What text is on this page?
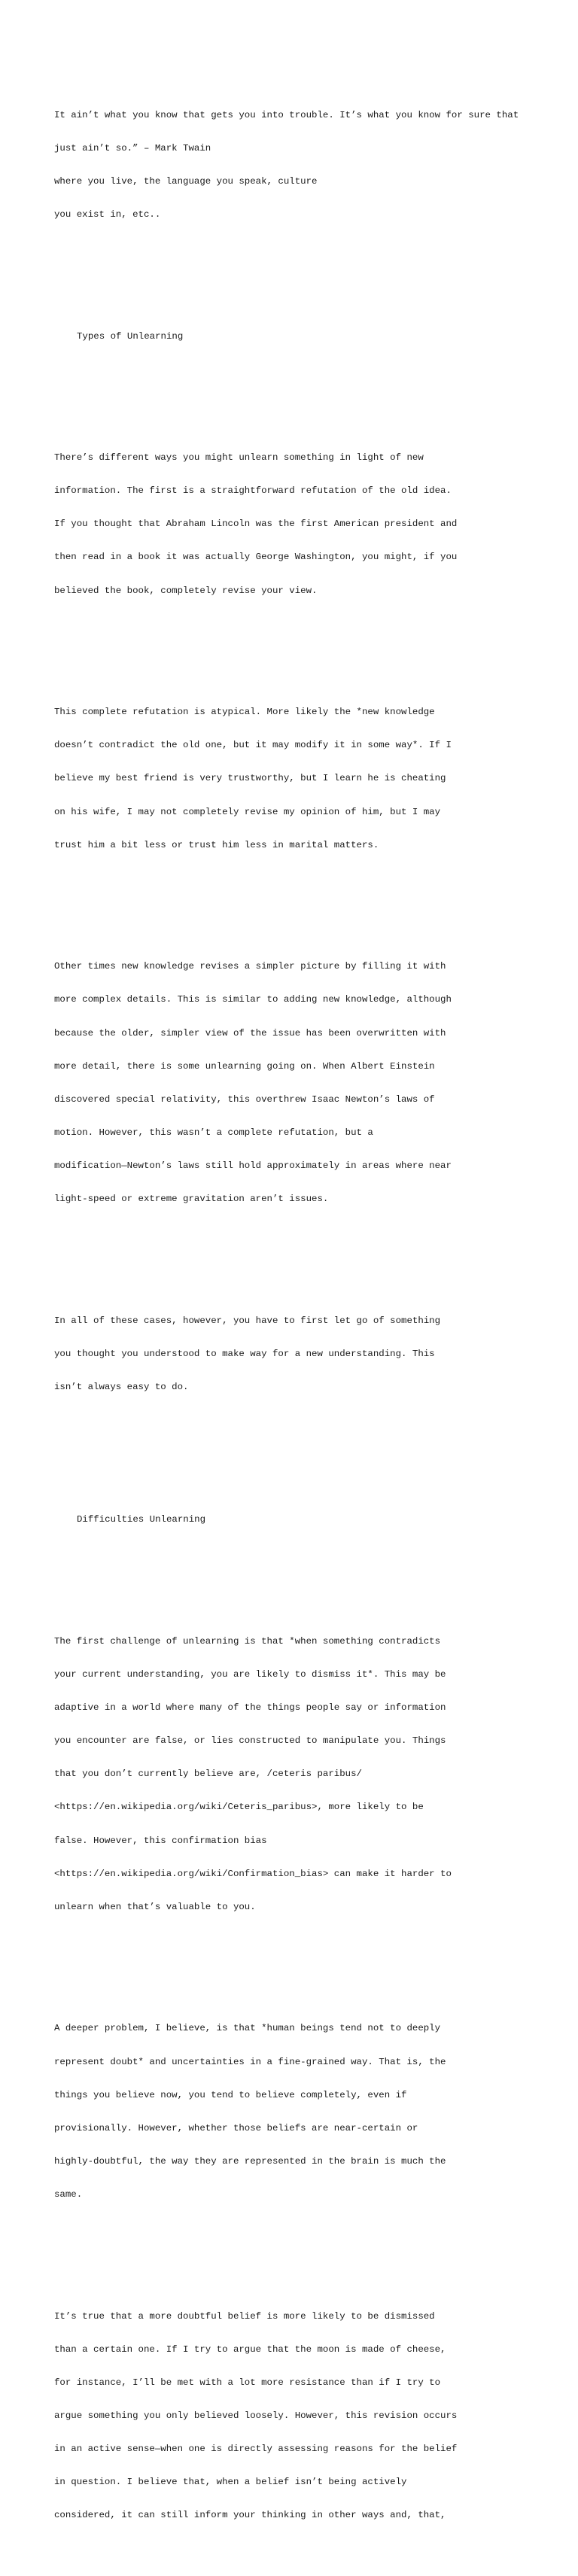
It ain’t what you know that gets you into trouble. It’s what you know for sure that

just ain’t so.” – Mark Twain

where you live, the language you speak, culture

you exist in, etc..

Types of Unlearning

There’s different ways you might unlearn something in light of new

information. The first is a straightforward refutation of the old idea.

If you thought that Abraham Lincoln was the first American president and

then read in a book it was actually George Washington, you might, if you

believed the book, completely revise your view.

This complete refutation is atypical. More likely the *new knowledge

doesn’t contradict the old one, but it may modify it in some way*. If I

believe my best friend is very trustworthy, but I learn he is cheating

on his wife, I may not completely revise my opinion of him, but I may

trust him a bit less or trust him less in marital matters.

Other times new knowledge revises a simpler picture by filling it with

more complex details. This is similar to adding new knowledge, although

because the older, simpler view of the issue has been overwritten with

more detail, there is some unlearning going on. When Albert Einstein

discovered special relativity, this overthrew Isaac Newton’s laws of

motion. However, this wasn’t a complete refutation, but a

modification—Newton’s laws still hold approximately in areas where near

light-speed or extreme gravitation aren’t issues.

In all of these cases, however, you have to first let go of something

you thought you understood to make way for a new understanding. This

isn’t always easy to do.

Difficulties Unlearning

The first challenge of unlearning is that *when something contradicts

your current understanding, you are likely to dismiss it*. This may be

adaptive in a world where many of the things people say or information

you encounter are false, or lies constructed to manipulate you. Things

that you don’t currently believe are, /ceteris paribus/

<https://en.wikipedia.org/wiki/Ceteris_paribus>, more likely to be

false. However, this confirmation bias

<https://en.wikipedia.org/wiki/Confirmation_bias> can make it harder to

unlearn when that’s valuable to you.

A deeper problem, I believe, is that *human beings tend not to deeply

represent doubt* and uncertainties in a fine-grained way. That is, the

things you believe now, you tend to believe completely, even if

provisionally. However, whether those beliefs are near-certain or

highly-doubtful, the way they are represented in the brain is much the

same.

It’s true that a more doubtful belief is more likely to be dismissed

than a certain one. If I try to argue that the moon is made of cheese,

for instance, I’ll be met with a lot more resistance than if I try to

argue something you only believed loosely. However, this revision occurs

in an active sense—when one is directly assessing reasons for the belief

in question. I believe that, when a belief isn’t being actively

considered, it can still inform your thinking in other ways and, that,
